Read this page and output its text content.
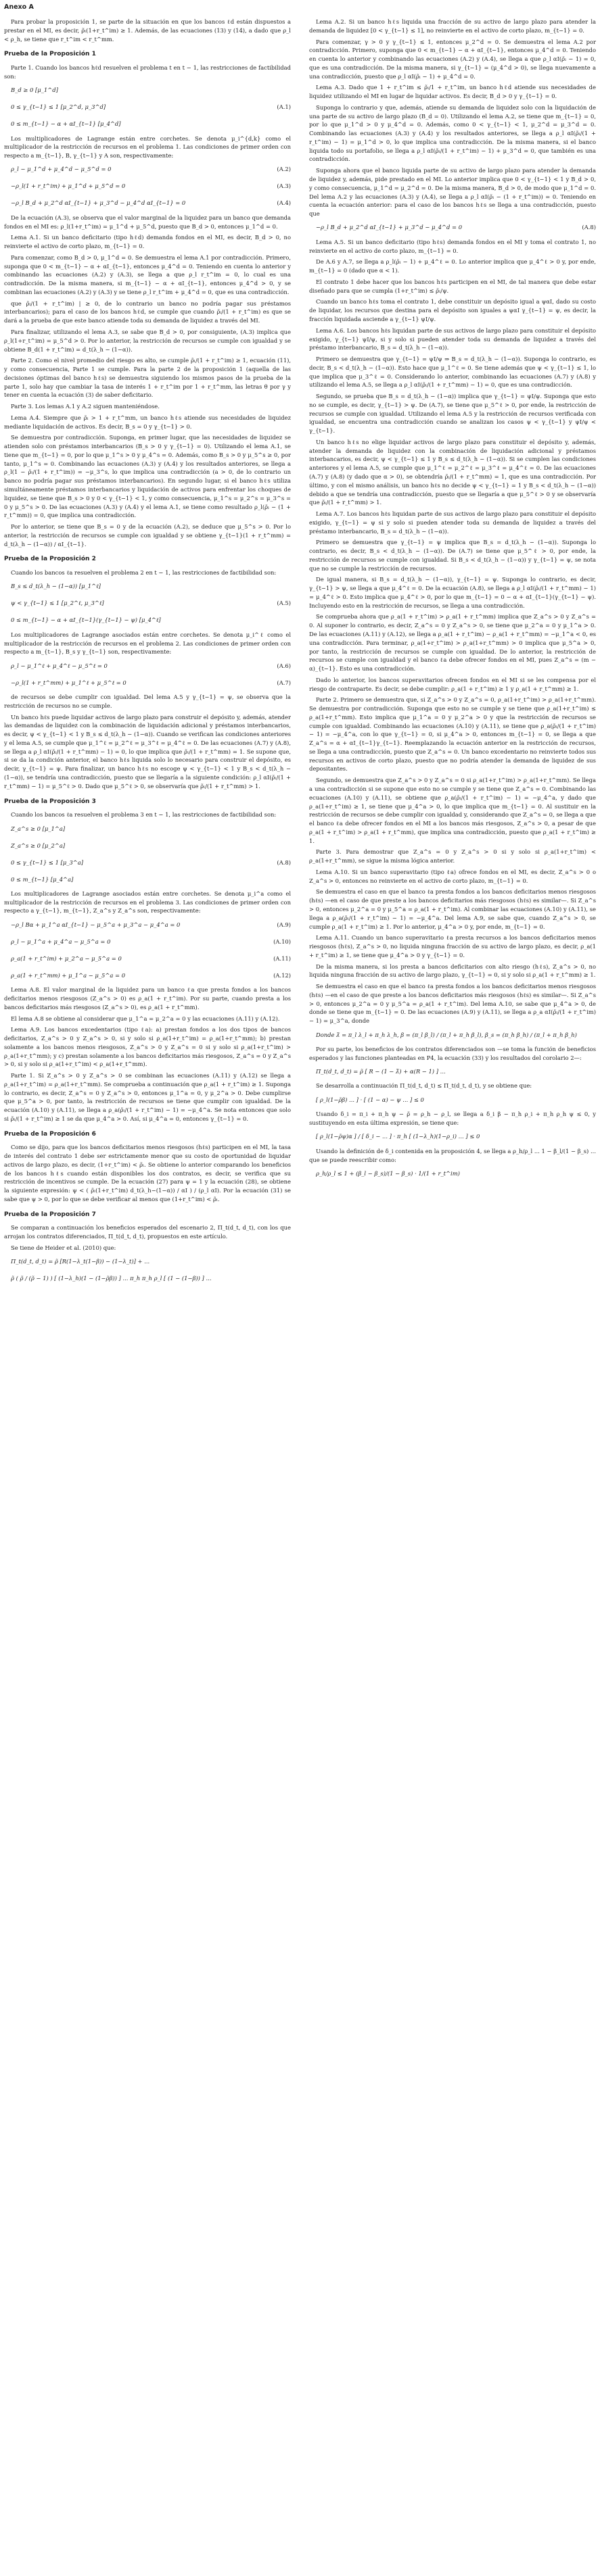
Anexo A

Para probar la proposición 1, se parte de la situación en que los bancos ℓd están dispuestos a prestar en el MI, es decir, ρ̃ₗ(1+r_t^im) ≥ 1. Además, de las ecuaciones (13) y (14), a dado que ρ_l < ρ_h, se tiene que r_t^im < r_t^mm.

Prueba de la Proposición 1

Parte 1. Cuando los bancos hℓd resuelven el problema t en t − 1, las restricciones de factibilidad son:

B_d ≥ 0 [μ_1^d]
0 ≤ γ_{t−1} ≤ 1 [μ_2^d, μ_3^d]	(A.1)
0 ≤ m_{t−1} − α + αI_{t−1} [μ_4^d]

Los multiplicadores de Lagrange están entre corchetes. Se denota μ_i^{d,k} como el multiplicador de la restricción de recursos en el problema 1. Las condiciones de primer orden con respecto a m_{t−1}, B, γ_{t−1} y A son, respectivamente:

ρ_l − μ_1^d + μ_4^d − μ_5^d = 0	(A.2)
−ρ_l(1 + r_t^im) + μ_1^d + μ_5^d = 0	(A.3)
−ρ_l B_d + μ_2^d αI_{t−1} + μ_3^d − μ_4^d αI_{t−1} = 0	(A.4)

De la ecuación (A.3), se observa que el valor marginal de la liquidez para un banco que demanda fondos en el MI es: ρ_l(1+r_t^im) = μ_1^d + μ_5^d, puesto que B_d > 0, entonces μ_1^d = 0.

Lema A.1. Si un banco deficitario (tipo hℓd) demanda fondos en el MI, es decir, B_d > 0, no reinvierte el activo de corto plazo, m_{t−1} = 0.

Para comenzar, como B_d > 0, μ_1^d = 0. Se demuestra el lema A.1 por contradicción. Primero, suponga que 0 < m_{t−1} − α + αI_{t−1}, entonces μ_4^d = 0. Teniendo en cuenta lo anterior y combinando las ecuaciones (A.2) y (A.3), se llega a que ρ_l r_t^im = 0, lo cual es una contradicción. De la misma manera, si m_{t−1} − α + αI_{t−1}, entonces μ_4^d > 0, y se combinan las ecuaciones (A.2) y (A.3) y se tiene ρ_l r_t^im + μ_4^d = 0, que es una contradicción.

que ρ̃ₗ/(1 + r_t^im) | ≥ 0, de lo contrario un banco no podría pagar sus préstamos interbancarios); para el caso de los bancos hℓd, se cumple que cuando ρ̃ₗ/(1 + r_t^im) es que se dará a la prueba de que este banco atiende toda su demanda de liquidez a través del MI.

Para finalizar, utilizando el lema A.3, se sabe que B_d > 0, por consiguiente, (A.3) implica que ρ_l(1+r_t^im) = μ_5^d > 0. Por lo anterior, la restricción de recursos se cumple con igualdad y se obtiene B_d(1 + r_t^im) = d_t(λ_h − (1−α)).

Parte 2. Como el nivel promedio del riesgo es alto, se cumple ρ̃ₗ/(1 + r_t^im) ≥ 1, ecuación (11), y como consecuencia, Parte 1 se cumple. Para la parte 2 de la proposición 1 (aquella de las decisiones óptimas del banco hℓs) se demuestra siguiendo los mismos pasos de la prueba de la parte 1, solo hay que cambiar la tasa de interés 1 + r_t^im por 1 + r_t^mm, las letras θ por γ y tener en cuenta la ecuación (3) de saber deficitario.

Parte 3. Los lemas A.1 y A.2 siguen manteniéndose.

Lema A.4. Siempre que ρ̃ₗ > 1 + r_t^mm, un banco hℓs atiende sus necesidades de liquidez mediante liquidación de activos. Es decir, B_s = 0 y γ_{t−1} > 0.

Se demuestra por contradicción. Suponga, en primer lugar, que las necesidades de liquidez se atienden solo con préstamos interbancarios (B_s > 0 y γ_{t−1} = 0). Utilizando el lema A.1, se tiene que m_{t−1} = 0, por lo que μ_1^s > 0 y μ_4^s = 0. Además, como B_s > 0 y μ_5^s ≥ 0, por tanto, μ_1^s = 0. Combinando las ecuaciones (A.3) y (A.4) y los resultados anteriores, se llega a ρ_l(1 − ρ̃ₗ/(1 + r_t^im)) = −μ_3^s, lo que implica una contradicción (a > 0, de lo contrario un banco no podría pagar sus préstamos interbancarios). En segundo lugar, si el banco hℓs utiliza simultáneamente préstamos interbancarios y liquidación de activos para enfrentar los choques de liquidez, se tiene que B_s > 0 y 0 < γ_{t−1} < 1, y como consecuencia, μ_1^s = μ_2^s = μ_3^s = 0 y μ_5^s > 0. De las ecuaciones (A.3) y (A.4) y el lema A.1, se tiene como resultado ρ_l(ρ̃ₗ − (1 + r_t^mm)) = 0, que implica una contradicción.

Por lo anterior, se tiene que B_s = 0 y de la ecuación (A.2), se deduce que μ_5^s > 0. Por lo anterior, la restricción de recursos se cumple con igualdad y se obtiene γ_{t−1}(1 + r_t^mm) = d_t(λ_h − (1−α)) / αI_{t−1}.

Prueba de la Proposición 2

Cuando los bancos ℓa resuelven el problema 2 en t − 1, las restricciones de factibilidad son:

B_s ≤ d_t(λ_h − (1−α)) [μ_1^ℓ]
ψ < γ_{t−1} ≤ 1 [μ_2^ℓ, μ_3^ℓ]	(A.5)
0 ≤ m_{t−1} − α + αI_{t−1}(γ_{t−1} − ψ) [μ_4^ℓ]

Los multiplicadores de Lagrange asociados están entre corchetes. Se denota μ_i^ℓ como el multiplicador de la restricción de recursos en el problema 2. Las condiciones de primer orden con respecto a m_{t−1}, B_s y γ_{t−1} son, respectivamente:

ρ_l − μ_1^ℓ + μ_4^ℓ − μ_5^ℓ = 0	(A.6)
−ρ_l(1 + r_t^mm) + μ_1^ℓ + μ_5^ℓ = 0	(A.7)

de recursos se debe cumplir con igualdad. Del lema A.5 y γ_{t−1} = ψ, se observa que la restricción de recursos no se cumple.

Un banco hℓs puede liquidar activos de largo plazo para construir el depósito y, además, atender las demandas de liquidez con la combinación de liquidación adicional y préstamos interbancarios, es decir, ψ < γ_{t−1} < 1 y B_s ≤ d_t(λ_h − (1−α)). Cuando se verifican las condiciones anteriores y el lema A.5, se cumple que μ_1^ℓ = μ_2^ℓ = μ_3^ℓ = μ_4^ℓ = 0. De las ecuaciones (A.7) y (A.8), se llega a ρ_l αI(ρ̃ₗ/(1 + r_t^mm) − 1) = 0, lo que implica que ρ̃ₗ/(1 + r_t^mm) = 1. Se supone que, si se da la condición anterior, el banco hℓs liquida solo lo necesario para construir el depósito, es decir, γ_{t−1} = ψ. Para finalizar, un banco hℓs no escoge ψ < γ_{t−1} < 1 y B_s < d_t(λ_h − (1−α)), se tendría una contradicción, puesto que se llegaría a la siguiente condición: ρ_l αI(ρ̃ₗ/(1 + r_t^mm) − 1) = μ_5^ℓ > 0. Dado que μ_5^ℓ > 0, se observaría que ρ̃ₗ/(1 + r_t^mm) > 1.

Prueba de la Proposición 3

Cuando los bancos ℓa resuelven el problema 3 en t − 1, las restricciones de factibilidad son:

Z_a^s ≥ 0 [μ_1^a]
Z_a^s ≥ 0 [μ_2^a]
0 ≤ γ_{t−1} ≤ 1 [μ_3^a]	(A.8)
0 ≤ m_{t−1} [μ_4^a]

Los multiplicadores de Lagrange asociados están entre corchetes. Se denota μ_i^a como el multiplicador de la restricción de recursos en el problema 3. Las condiciones de primer orden con respecto a γ_{t−1}, m_{t−1}, Z_a^s y Z_a^s son, respectivamente:

−ρ_l Bα + μ_1^a αI_{t−1} − μ_5^a + μ_3^a − μ_4^a = 0	(A.9)
ρ_l − μ_1^a + μ_4^a − μ_5^a = 0	(A.10)
ρ_a(1 + r_t^im) + μ_2^a − μ_5^a = 0	(A.11)
ρ_a(1 + r_t^mm) + μ_1^a − μ_5^a = 0	(A.12)

Lema A.8. El valor marginal de la liquidez para un banco ℓa que presta fondos a los bancos deficitarios menos riesgosos (Z_a^s > 0) es ρ_a(1 + r_t^im). Por su parte, cuando presta a los bancos deficitarios más riesgosos (Z_a^s > 0), es ρ_a(1 + r_t^mm).

El lema A.8 se obtiene al considerar que μ_1^a = μ_2^a = 0 y las ecuaciones (A.11) y (A.12).

Lema A.9. Los bancos excedentarios (tipo ℓa): a) prestan fondos a los dos tipos de bancos deficitarios, Z_a^s > 0 y Z_a^s > 0, si y solo si ρ_a(1+r_t^im) = ρ_a(1+r_t^mm); b) prestan solamente a los bancos menos riesgosos, Z_a^s > 0 y Z_a^s = 0 si y solo si ρ_a(1+r_t^im) > ρ_a(1+r_t^mm); y c) prestan solamente a los bancos deficitarios más riesgosos, Z_a^s = 0 y Z_a^s > 0, si y solo si ρ_a(1+r_t^im) < ρ_a(1+r_t^mm).

Parte 1. Si Z_a^s > 0 y Z_a^s > 0 se combinan las ecuaciones (A.11) y (A.12) se llega a ρ_a(1+r_t^im) = ρ_a(1+r_t^mm). Se comprueba a continuación que ρ_a(1 + r_t^im) ≥ 1. Suponga lo contrario, es decir, Z_a^s = 0 y Z_a^s > 0, entonces μ_1^a = 0, y μ_2^a > 0. Debe cumplirse que μ_5^a > 0, por tanto, la restricción de recursos se tiene que cumplir con igualdad. De la ecuación (A.10) y (A.11), se llega a ρ_a(ρ̃ₗ/(1 + r_t^im) − 1) = −μ_4^a. Se nota entonces que solo si ρ̃ₗ/(1 + r_t^im) ≥ 1 se da que μ_4^a > 0. Así, si μ_4^a = 0, entonces γ_{t−1} = 0.

Prueba de la Proposición 6

Como se dijo, para que los bancos deficitarios menos riesgosos (hℓs) participen en el MI, la tasa de interés del contrato 1 debe ser estrictamente menor que su costo de oportunidad de liquidar activos de largo plazo, es decir, (1+r_t^im) < ρ̃ₗ. Se obtiene lo anterior comparando los beneficios de los bancos hℓs cuando están disponibles los dos contratos, es decir, se verifica que su restricción de incentivos se cumple. De la ecuación (27) para ψ = 1 y la ecuación (28), se obtiene la siguiente expresión: ψ < ( ρ̃ₗ(1+r_t^im) d_t(λ_h−(1−α)) / αI ) / (ρ_l αI). Por la ecuación (31) se sabe que ψ > 0, por lo que se debe verificar al menos que (1+r_t^im) < ρ̃ₗ.

Prueba de la Proposición 7

Se comparan a continuación los beneficios esperados del escenario 2, Π_t(d_t, d_t), con los que arrojan los contratos diferenciados, Π_t(d_t, d_t), propuestos en este artículo.

Se tiene de Heider et al. (2010) que:

Π_t(d_t, d_t) = ρ̃ [R(1−λ_t(1−β)) − (1−λ_t)] + ...
ρ̃ ( ρ̃ / (ρ̃ − 1) ) [ (1−λ_h)(1 − (1−ρ̃β)) ] ... π_h π_h ρ_l [ (1 − (1−β)) ] ...

Lema A.2. Si un banco hℓs liquida una fracción de su activo de largo plazo para atender la demanda de liquidez [0 < γ_{t−1} ≤ 1], no reinvierte en el activo de corto plazo, m_{t−1} = 0.

Para comenzar, γ > 0 y γ_{t−1} ≤ 1, entonces μ_2^d = 0. Se demuestra el lema A.2 por contradicción. Primero, suponga que 0 < m_{t−1} − α + αI_{t−1}, entonces μ_4^d = 0. Teniendo en cuenta lo anterior y combinando las ecuaciones (A.2) y (A.4), se llega a que ρ_l αI(ρ̃ₗ − 1) = 0, que es una contradicción. De la misma manera, si γ_{t−1} = (μ_4^d > 0), se llega nuevamente a una contradicción, puesto que ρ_l αI(ρ̃ₗ − 1) + μ_4^d = 0.

Lema A.3. Dado que 1 + r_t^im ≤ ρ̃ₗ/1 + r_t^im, un banco hℓd atiende sus necesidades de liquidez utilizando el MI en lugar de liquidar activos. Es decir, B_d > 0 y γ_{t−1} = 0.

Suponga lo contrario y que, además, atiende su demanda de liquidez solo con la liquidación de una parte de su activo de largo plazo (B_d = 0). Utilizando el lema A.2, se tiene que m_{t−1} = 0, por lo que μ_1^d > 0 y μ_4^d = 0. Además, como 0 < γ_{t−1} < 1, μ_2^d = μ_3^d = 0. Combinando las ecuaciones (A.3) y (A.4) y los resultados anteriores, se llega a ρ_l αI(ρ̃ₗ/(1 + r_t^im) − 1) = μ_1^d > 0, lo que implica una contradicción. De la misma manera, si el banco liquida todo su portafolio, se llega a ρ_l αI(ρ̃ₗ/(1 + r_t^im) − 1) + μ_3^d = 0, que también es una contradicción.

Suponga ahora que el banco liquida parte de su activo de largo plazo para atender la demanda de liquidez y, además, pide prestado en el MI. Lo anterior implica que 0 < γ_{t−1} < 1 y B_d > 0, y como consecuencia, μ_1^d = μ_2^d = 0. De la misma manera, B_d > 0, de modo que μ_1^d = 0. Del lema A.2 y las ecuaciones (A.3) y (A.4), se llega a ρ_l αI(ρ̃ₗ − (1 + r_t^im)) = 0. Teniendo en cuenta la ecuación anterior: para el caso de los bancos hℓs se llega a una contradicción, puesto que

−ρ_l B_d + μ_2^d αI_{t−1} + μ_3^d − μ_4^d = 0	(A.8)

Lema A.5. Si un banco deficitario (tipo hℓs) demanda fondos en el MI y toma el contrato 1, no reinvierte en el activo de corto plazo, m_{t−1} = 0.

De A.6 y A.7, se llega a ρ_l(ρ̃ₗ − 1) + μ_4^ℓ = 0. Lo anterior implica que μ_4^ℓ > 0 y, por ende, m_{t−1} = 0 (dado que α < 1).

El contrato 1 debe hacer que los bancos hℓs participen en el MI, de tal manera que debe estar diseñado para que se cumpla (1+r_t^im) ≤ ρ̃ₗ/ψ.

Cuando un banco hℓs toma el contrato 1, debe constituir un depósito igual a ψαI, dado su costo de liquidar, los recursos que destina para el depósito son iguales a ψαI γ_{t−1} = ψ, es decir, la fracción liquidada asciende a γ_{t−1} ψI/ψ.

Lema A.6. Los bancos hℓs liquidan parte de sus activos de largo plazo para constituir el depósito exigido, γ_{t−1} ψI/ψ, si y solo si pueden atender toda su demanda de liquidez a través del préstamo interbancario, B_s = d_t(λ_h − (1−α)).

Primero se demuestra que γ_{t−1} = ψI/ψ ⇒ B_s = d_t(λ_h − (1−α)). Suponga lo contrario, es decir, B_s < d_t(λ_h − (1−α)). Esto hace que μ_1^ℓ = 0. Se tiene además que ψ < γ_{t−1} ≤ 1, lo que implica que μ_3^ℓ = 0. Considerando lo anterior, combinando las ecuaciones (A.7) y (A.8) y utilizando el lema A.5, se llega a ρ_l αI(ρ̃ₗ/(1 + r_t^mm) − 1) = 0, que es una contradicción.

Segundo, se prueba que B_s = d_t(λ_h − (1−α)) implica que γ_{t−1} = ψI/ψ. Suponga que esto no se cumple, es decir, γ_{t−1} > ψ. De (A.7), se tiene que μ_5^ℓ > 0, por ende, la restricción de recursos se cumple con igualdad. Utilizando el lema A.5 y la restricción de recursos verificada con igualdad, se encuentra una contradicción cuando se analizan los casos ψ < γ_{t−1} y ψI/ψ < γ_{t−1}.

Un banco hℓs no elige liquidar activos de largo plazo para constituir el depósito y, además, atender la demanda de liquidez con la combinación de liquidación adicional y préstamos interbancarios, es decir, ψ < γ_{t−1} ≤ 1 y B_s ≤ d_t(λ_h − (1−α)). Si se cumplen las condiciones anteriores y el lema A.5, se cumple que μ_1^ℓ = μ_2^ℓ = μ_3^ℓ = μ_4^ℓ = 0. De las ecuaciones (A.7) y (A.8) (y dado que α > 0), se obtendría ρ̃ₗ/(1 + r_t^mm) = 1, que es una contradicción. Por último, y con el mismo análisis, un banco hℓs no decide ψ < γ_{t−1} = 1 y B_s < d_t(λ_h − (1−α)) debido a que se tendría una contradicción, puesto que se llegaría a que μ_5^ℓ > 0 y se observaría que ρ̃ₗ/(1 + r_t^mm) > 1.

Lema A.7. Los bancos hℓs liquidan parte de sus activos de largo plazo para constituir el depósito exigido, γ_{t−1} = ψ si y solo si pueden atender toda su demanda de liquidez a través del préstamo interbancario, B_s = d_t(λ_h − (1−α)).

Primero se demuestra que γ_{t−1} = ψ implica que B_s = d_t(λ_h − (1−α)). Suponga lo contrario, es decir, B_s < d_t(λ_h − (1−α)). De (A.7) se tiene que μ_5^ℓ > 0, por ende, la restricción de recursos se cumple con igualdad. Si B_s < d_t(λ_h − (1−α)) y γ_{t−1} = ψ, se nota que no se cumple la restricción de recursos.

De igual manera, si B_s = d_t(λ_h − (1−α)), γ_{t−1} = ψ. Suponga lo contrario, es decir, γ_{t−1} > ψ, se llega a que μ_4^ℓ = 0. De la ecuación (A.8), se llega a ρ_l αI(ρ̃ₗ/(1 + r_t^mm) − 1) = μ_4^ℓ > 0. Esto implica que μ_4^ℓ > 0, por lo que m_{t−1} = 0 − α + αI_{t−1}(γ_{t−1} − ψ). Incluyendo esto en la restricción de recursos, se llega a una contradicción.

Se comprueba ahora que ρ_a(1 + r_t^im) > ρ_a(1 + r_t^mm) implica que Z_a^s > 0 y Z_a^s = 0. Al suponer lo contrario, es decir, Z_a^s = 0 y Z_a^s > 0, se tiene que μ_2^a = 0 y μ_1^a > 0. De las ecuaciones (A.11) y (A.12), se llega a ρ_a(1 + r_t^im) − ρ_a(1 + r_t^mm) = −μ_1^a < 0, es una contradicción. Para terminar, ρ_a(1+r_t^im) > ρ_a(1+r_t^mm) > 0 implica que μ_5^a > 0, por tanto, la restricción de recursos se cumple con igualdad. De lo anterior, la restricción de recursos se cumple con igualdad y el banco ℓa debe ofrecer fondos en el MI, pues Z_a^s = (m − α)_{t−1}. Esto es una contradicción.

Dado lo anterior, los bancos superavitarios ofrecen fondos en el MI si se les compensa por el riesgo de contraparte. Es decir, se debe cumplir: ρ_a(1 + r_t^im) ≥ 1 y ρ_a(1 + r_t^mm) ≥ 1.

Parte 2. Primero se demuestra que, si Z_a^s > 0 y Z_a^s = 0, ρ_a(1+r_t^im) > ρ_a(1+r_t^mm). Se demuestra por contradicción. Suponga que esto no se cumple y se tiene que ρ_a(1+r_t^im) ≤ ρ_a(1+r_t^mm). Esto implica que μ_1^a = 0 y μ_2^a > 0 y que la restricción de recursos se cumple con igualdad. Combinando las ecuaciones (A.10) y (A.11), se tiene que ρ_a(ρ̃ₗ/(1 + r_t^im) − 1) = −μ_4^a, con lo que γ_{t−1} = 0, si μ_4^a > 0, entonces m_{t−1} = 0, se llega a que Z_a^s = α + αI_{t−1}γ_{t−1}. Reemplazando la ecuación anterior en la restricción de recursos, se llega a una contradicción, puesto que Z_a^s = 0. Un banco excedentario no reinvierte todos sus recursos en activos de corto plazo, puesto que no podría atender la demanda de liquidez de sus depositantes.

Segundo, se demuestra que Z_a^s > 0 y Z_a^s = 0 si ρ_a(1+r_t^im) > ρ_a(1+r_t^mm). Se llega a una contradicción si se supone que esto no se cumple y se tiene que Z_a^s = 0. Combinando las ecuaciones (A.10) y (A.11), se obtiene que ρ_a(ρ̃ₗ/(1 + r_t^im) − 1) = −μ_4^a, y dado que ρ_a(1+r_t^im) ≥ 1, se tiene que μ_4^a > 0, lo que implica que m_{t−1} = 0. Al sustituir en la restricción de recursos se debe cumplir con igualdad y, considerando que Z_a^s = 0, se llega a que el banco ℓa debe ofrecer fondos en el MI a los bancos más riesgosos, Z_a^s > 0, a pesar de que ρ_a(1 + r_t^im) > ρ_a(1 + r_t^mm), que implica una contradicción, puesto que ρ_a(1 + r_t^im) ≥ 1.

Parte 3. Para demostrar que Z_a^s = 0 y Z_a^s > 0 si y solo si ρ_a(1+r_t^im) < ρ_a(1+r_t^mm), se sigue la misma lógica anterior.

Lema A.10. Si un banco superavitario (tipo ℓa) ofrece fondos en el MI, es decir, Z_a^s > 0 o Z_a^s > 0, entonces no reinvierte en el activo de corto plazo, m_{t−1} = 0.

Se demuestra el caso en que el banco ℓa presta fondos a los bancos deficitarios menos riesgosos (hℓs) —en el caso de que preste a los bancos deficitarios más riesgosos (hℓs) es similar—. Si Z_a^s > 0, entonces μ_2^a = 0 y μ_5^a = ρ_a(1 + r_t^im). Al combinar las ecuaciones (A.10) y (A.11), se llega a ρ_a(ρ̃ₗ/(1 + r_t^im) − 1) = −μ_4^a. Del lema A.9, se sabe que, cuando Z_a^s > 0, se cumple ρ_a(1 + r_t^im) ≥ 1. Por lo anterior, μ_4^a > 0 y, por ende, m_{t−1} = 0.

Lema A.11. Cuando un banco superavitario ℓa presta recursos a los bancos deficitarios menos riesgosos (hℓs), Z_a^s > 0, no liquida ninguna fracción de su activo de largo plazo, es decir, ρ_a(1 + r_t^im) ≥ 1, se tiene que μ_4^a > 0 y γ_{t−1} = 0.

De la misma manera, si los presta a bancos deficitarios con alto riesgo (hℓs), Z_a^s > 0, no liquida ninguna fracción de su activo de largo plazo, γ_{t−1} = 0, si y solo si ρ_a(1 + r_t^mm) ≥ 1.

Se demuestra el caso en que el banco ℓa presta fondos a los bancos deficitarios menos riesgosos (hℓs) —en el caso de que preste a los bancos deficitarios más riesgosos (hℓs) es similar—. Si Z_a^s > 0, entonces μ_2^a = 0 y μ_5^a = ρ_a(1 + r_t^im). Del lema A.10, se sabe que μ_4^a > 0, de donde se tiene que m_{t−1} = 0. De las ecuaciones (A.9) y (A.11), se llega a ρ_a αI(ρ̃ₗ/(1 + r_t^im) − 1) = μ_3^a, donde

Donde λ̃ = π_l λ_l + π_h λ_h, β = (π_l β_l) / (π_l + π_h β_l), β_s = (π_h β_h) / (π_l + π_h β_h)

Por su parte, los beneficios de los contratos diferenciados son —se toma la función de beneficios esperados y las funciones planteadas en P4, la ecuación (33) y los resultados del corolario 2—:

Π_t(d_t, d_t) = ρ̃ [ R − (1 − λ̃) + α(R − 1) ] ...

Se desarrolla a continuación Π_t(d_t, d_t) ≤ Π_t(d_t, d_t), y se obtiene que:

[ ρ_l(1−ρ̃β) ... ] · [ (1 − α) − ψ ... ] ≤ 0

Usando δ_i = π_i + π_h ψ − ρ̃ = ρ_h − ρ_l, se llega a δ_i β − π_h ρ_i + π_h ρ_h ψ ≤ 0, y sustituyendo en esta última expresión, se tiene que:

[ ρ_l(1−ρ̃ψ)α ] / [ δ_i − ... ] · π_h [ (1−λ_h)(1−ρ_i) ... ] ≤ 0

Usando la definición de δ_i contenida en la proposición 4, se llega a ρ_h/ρ_l ... 1 − β_l/(1 − β_s) ... que se puede reescribir como:

ρ_h/ρ_l ≤ 1 + (β_l − β_s)/(1 − β_s) · 1/(1 + r_t^im)
